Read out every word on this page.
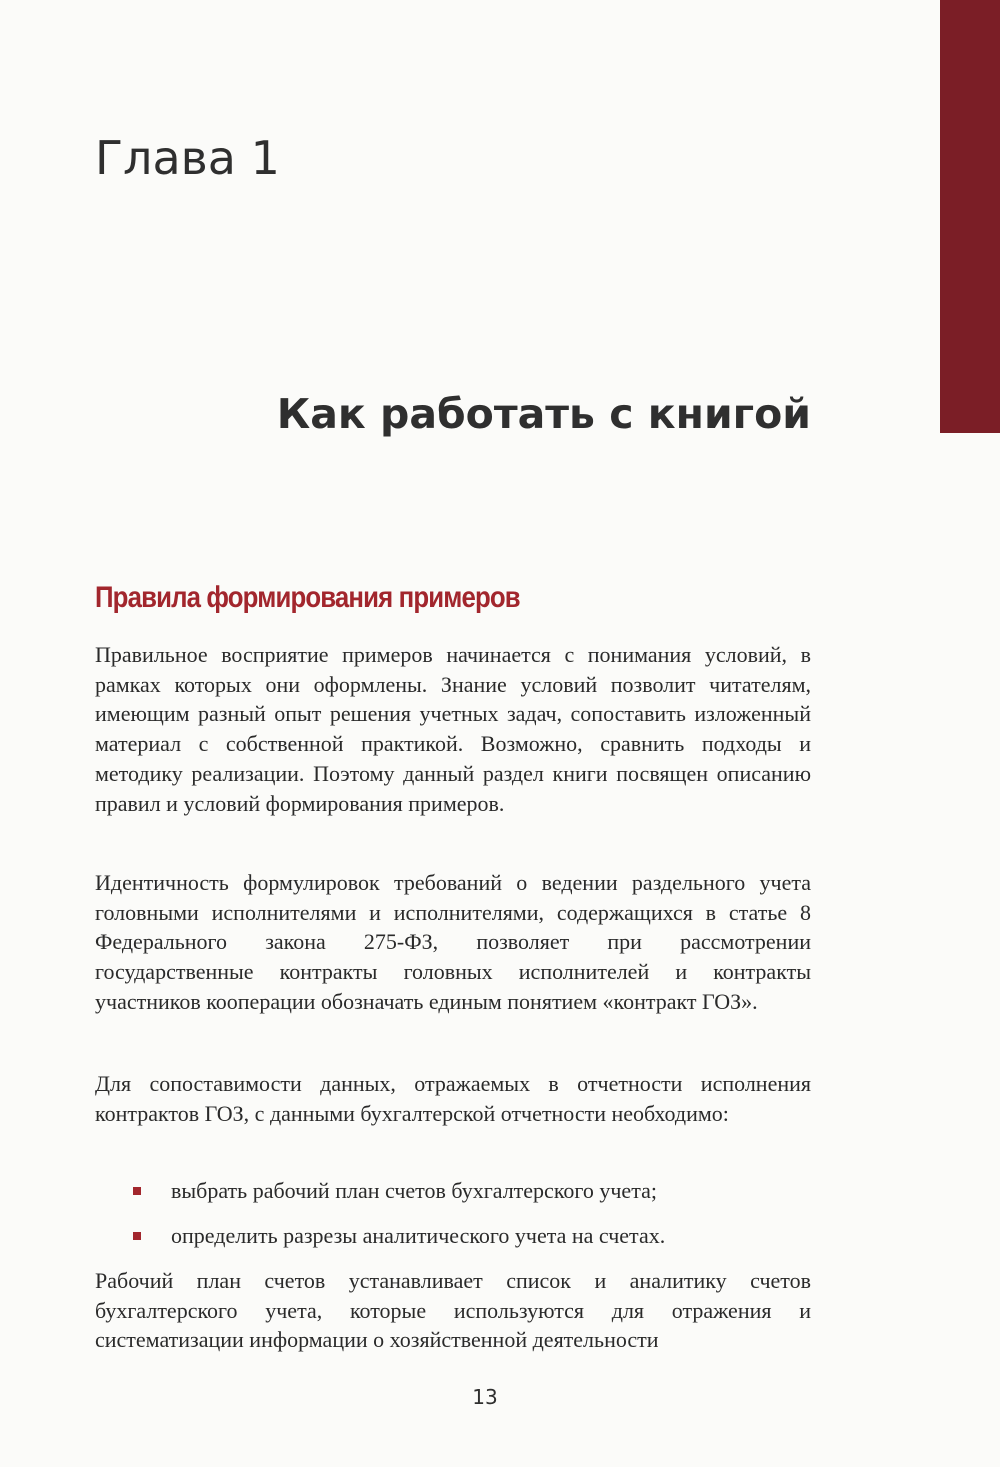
Глава 1
Как работать с книгой
Правила формирования примеров

Правильное восприятие примеров начинается с понимания условий, в рамках которых они оформлены. Знание условий позволит читателям, имеющим разный опыт решения учетных задач, сопоставить изложенный материал с собственной практикой. Возможно, сравнить подходы и методику реализации. Поэтому данный раздел книги посвящен описанию правил и условий формирования примеров.

Идентичность формулировок требований о ведении раздельного учета головными исполнителями и исполнителями, содержащихся в статье 8 Федерального закона 275-ФЗ, позволяет при рассмотрении государственные контракты головных исполнителей и контракты участников кооперации обозначать единым понятием «контракт ГОЗ».

Для сопоставимости данных, отражаемых в отчетности исполнения контрактов ГОЗ, с данными бухгалтерской отчетности необходимо:

выбрать рабочий план счетов бухгалтерского учета;
определить разрезы аналитического учета на счетах.

Рабочий план счетов устанавливает список и аналитику счетов бухгалтерского учета, которые используются для отражения и систематизации информации о хозяйственной деятельности

13
